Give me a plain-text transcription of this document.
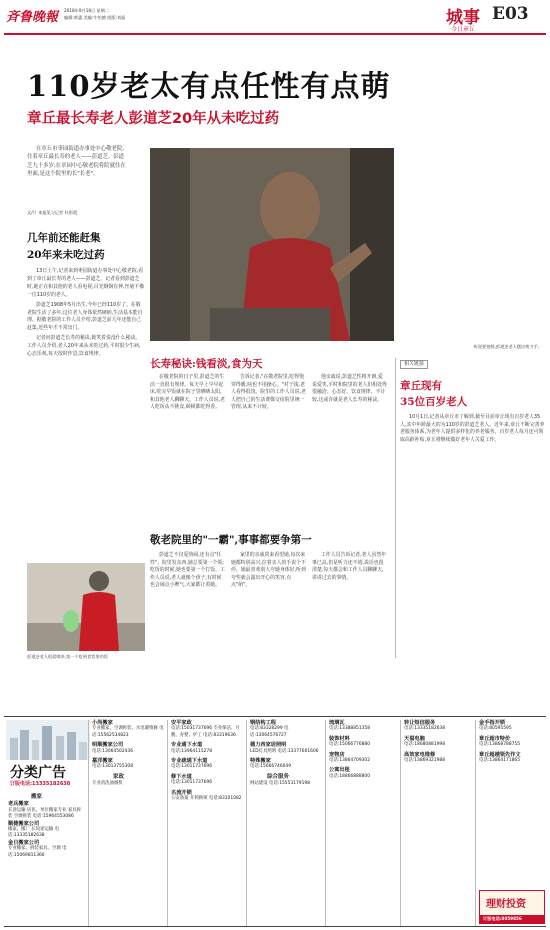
斉鲁晚報 2018年9月18日 星期二
编辑:黄惠 美编:牛怡德 组版:刘磊	城事
今日章丘
E03
110岁老太有点任性有点萌
章丘最长寿老人彭道芝20年从未吃过药

在章丘市枣园街道办事处中心敬老院,住着章丘最长寿的老人——彭道芝。彭道芝九十多岁,在章园中心敬老院将院就住在里面,是这个院里的长"长老"。

文/片 本报见习记者 杜彩霞
听说要拍照,彭道芝老人摆出剪刀手。
几年前还能赶集
20年来未吃过药

13日上午,记者来到枣园街道办事处中心敬老院,看到了章丘最长寿的老人——彭道芝。记者看到彭道芝时,她正在和其他的老人看电视,目光炯炯有神,丝毫不像一位110岁的老人。

彭道芝1908年5月出生,今年已经110岁了。在敬老院生活了多年,这位老人身体依然硬朗,生活基本能自理。据敬老院的工作人员介绍,彭道芝前几年还能自己赶集,近些年才不常出门。

记者问彭道芝长寿的秘诀,她笑着说没什么秘诀。工作人员介绍,老人20年来从未吃过药,平时很少生病,心态乐观,每天按时作息,饮食规律。

彭道芝老人很爱喝茶,第一个吃到食堂里的饭
长寿秘诀:钱看淡,食为天

在敬老院的日子里,彭道芝的生活一直很有规律。每天早上早早起床,吃完早饭就在院子里晒晒太阳,和其他老人聊聊天。工作人员说,老人吃饭从不挑食,顿顿都吃得香。

告诉记者,"在敬老院里,吃得饱穿得暖,啥也不用操心。"对于钱,老人看得很淡。院里的工作人员说,老人把自己的生活费都交给院里统一管理,从来不计较。

他亲戚说,彭道芝性格开朗,爱说爱笑,平时和院里的老人们相处得很融洽。心态好、饮食规律、不计较,这或许就是老人长寿的秘诀。

敬老院里的"一霸",事事都要争第一

彭道芝不仅爱热闹,还有点"任性"。院里发东西,她总要第一个领;吃饭的时候,她也要第一个打饭。工作人员说,老人就像个孩子,有时候也会闹点小脾气,大家都让着她。

家里的亲戚常来看望她,每次来她都特别高兴,拉着亲人的手说个不停。她最喜欢别人夸她身体好,听到夸奖就会露出开心的笑容,有点"萌"。

工作人员告诉记者,老人虽然年事已高,但是听力还不错,说话也很清楚,每天都会和工作人员聊聊天,讲讲过去的事情。

相关链接
章丘现有
35位百岁老人

10月1日,记者从章丘市了解到,截至目前章丘现有百岁老人35人,其中年龄最大的为110岁的彭道芝老人。近年来,章丘不断完善养老服务体系,为老年人提供多样化的养老服务。百岁老人每月还可领取高龄补贴,章丘将继续做好老年人关爱工作。

分类广告
订版电话:13335182638
搬家
老兵搬家
长途运输 居民、单位搬家专业 家具拆装 空调拆装 电话:15964553086
顺捷搬家公司
搬家、搬厂 长短途运输 电话:13335182638
金日搬家公司
专业搬家、拆装家具、空调 电话:15069811366
小尚搬家
专业搬家、空调拆装、水电暖维修 电话:15562534823
明顺搬家公司
电话:13064502436
嘉洋搬家
电话:13013755308
家政
专业清洗油烟机
安平家政
电话:15031737696 专业保洁、月嫂、育婴、护工 电话:83319636
专业通下水道
电话:13964115278
专业疏通下水道
电话:13011737696
修下水道
电话:13011737696
名流开锁
公安备案 开锁换锁 电话:83101082
钢结构工程
电话:83328299 电话:13064576727
德力西家居照明
LED灯具照明 电话:13377601606
特殊搬家
电话:15666746049
综合服务
网站建设 电话:15553179198
琉璃瓦
电话:13388851358
装饰材料
电话:15066776880
宠物店
电话:13864709302
公寓出租
电话:18866888800
转让短信服务
电话:13335182638
天福电脑
电话:18680881998
高效家电维修
电话:13869321988
金手指开锁
电话:80595595
章丘超市特价
电话:13868788755
章丘超越领先作文
电话:13864171865
理财投资
订版电话:8059856
